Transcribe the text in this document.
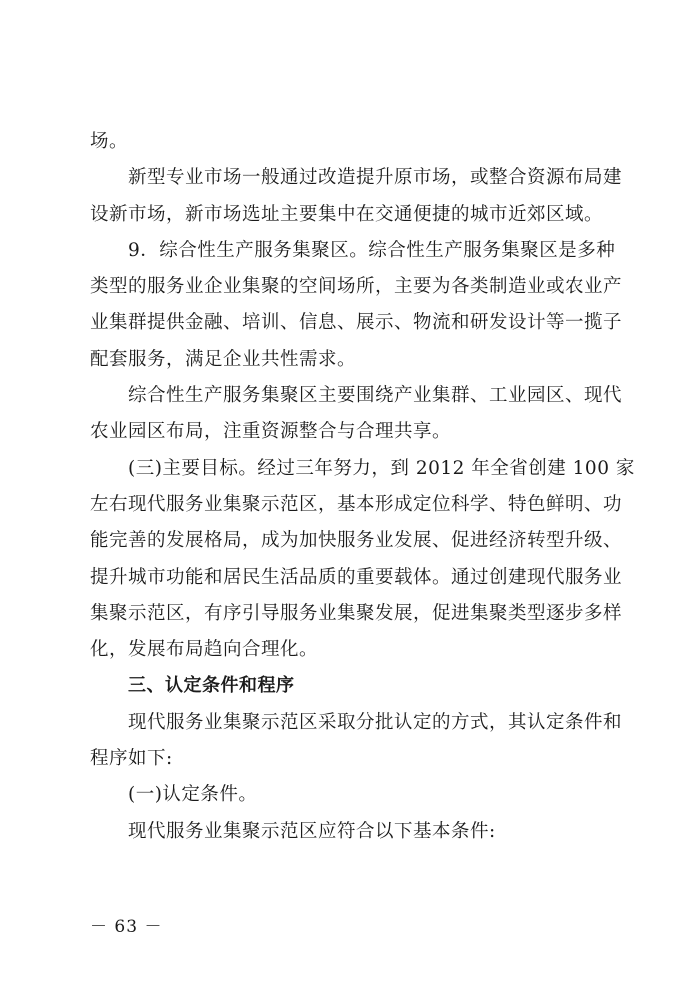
场。
新型专业市场一般通过改造提升原市场，或整合资源布局建
设新市场，新市场选址主要集中在交通便捷的城市近郊区域。
9．综合性生产服务集聚区。综合性生产服务集聚区是多种
类型的服务业企业集聚的空间场所，主要为各类制造业或农业产
业集群提供金融、培训、信息、展示、物流和研发设计等一揽子
配套服务，满足企业共性需求。
综合性生产服务集聚区主要围绕产业集群、工业园区、现代
农业园区布局，注重资源整合与合理共享。
(三)主要目标。经过三年努力，到 2012 年全省创建 100 家
左右现代服务业集聚示范区，基本形成定位科学、特色鲜明、功
能完善的发展格局，成为加快服务业发展、促进经济转型升级、
提升城市功能和居民生活品质的重要载体。通过创建现代服务业
集聚示范区，有序引导服务业集聚发展，促进集聚类型逐步多样
化，发展布局趋向合理化。
三、认定条件和程序
现代服务业集聚示范区采取分批认定的方式，其认定条件和
程序如下:
(一)认定条件。
现代服务业集聚示范区应符合以下基本条件:
－ 63 －
